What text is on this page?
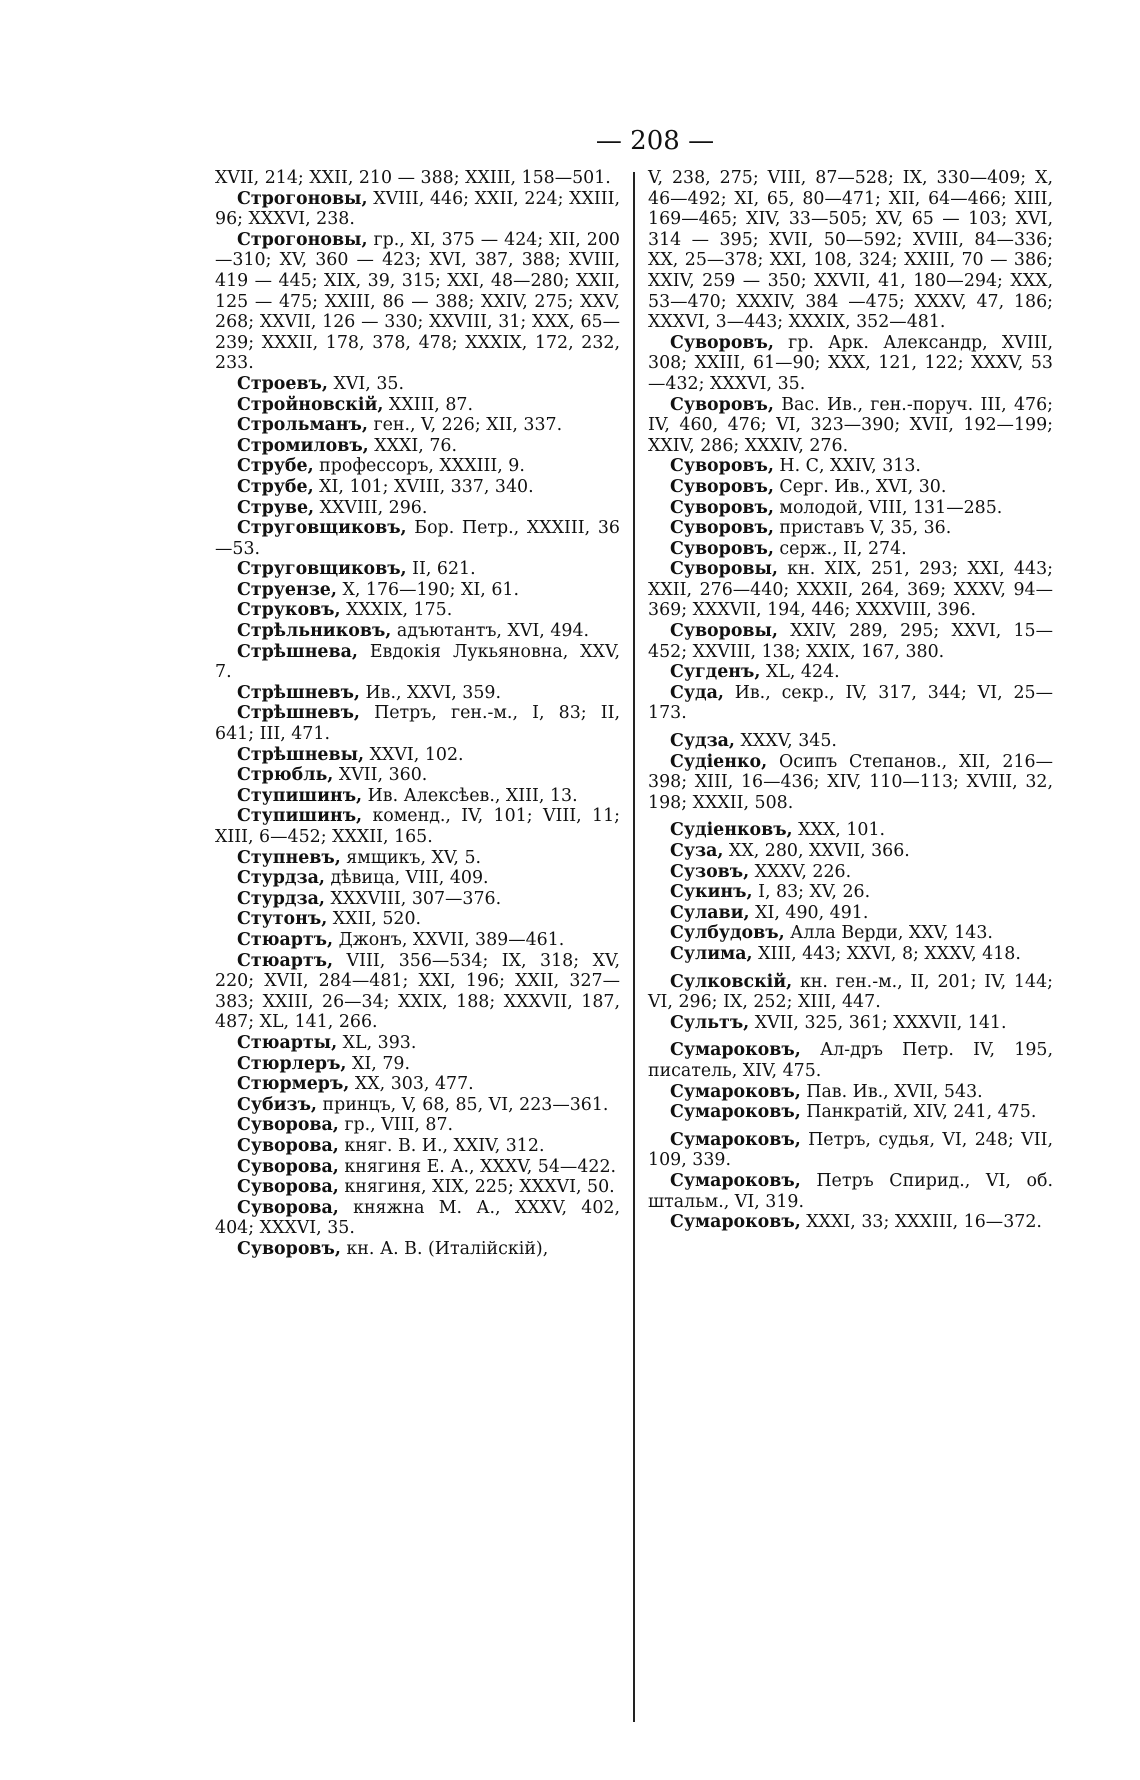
— 208 —

XVII, 214; XXII, 210 — 388; XXIII, 158—501.

Строгоновы, XVIII, 446; XXII, 224; XXIII, 96; XXXVI, 238.

Строгоновы, гр., XI, 375 — 424; XII, 200—310; XV, 360 — 423; XVI, 387, 388; XVIII, 419 — 445; XIX, 39, 315; XXI, 48—280; XXII, 125 — 475; XXIII, 86 — 388; XXIV, 275; XXV, 268; XXVII, 126 — 330; XXVIII, 31; XXX, 65—239; XXXII, 178, 378, 478; XXXIX, 172, 232, 233.

Строевъ, XVI, 35.

Стройновскій, XXIII, 87.

Строльманъ, ген., V, 226; XII, 337.

Стромиловъ, XXXI, 76.

Струбе, профессоръ, XXXIII, 9.

Струбе, XI, 101; XVIII, 337, 340.

Струве, XXVIII, 296.

Струговщиковъ, Бор. Петр., XXXIII, 36—53.

Струговщиковъ, II, 621.

Струензе, X, 176—190; XI, 61.

Струковъ, XXXIX, 175.

Стрѣльниковъ, адъютантъ, XVI, 494.

Стрѣшнева, Евдокія Лукьяновна, XXV, 7.

Стрѣшневъ, Ив., XXVI, 359.

Стрѣшневъ, Петръ, ген.-м., I, 83; II, 641; III, 471.

Стрѣшневы, XXVI, 102.

Стрюбль, XVII, 360.

Ступишинъ, Ив. Алексѣев., XIII, 13.

Ступишинъ, коменд., IV, 101; VIII, 11; XIII, 6—452; XXXII, 165.

Ступневъ, ямщикъ, XV, 5.

Стурдза, дѣвица, VIII, 409.

Стурдза, XXXVIII, 307—376.

Стутонъ, XXII, 520.

Стюартъ, Джонъ, XXVII, 389—461.

Стюартъ, VIII, 356—534; IX, 318; XV, 220; XVII, 284—481; XXI, 196; XXII, 327—383; XXIII, 26—34; XXIX, 188; XXXVII, 187, 487; XL, 141, 266.

Стюарты, XL, 393.

Стюрлеръ, XI, 79.

Стюрмеръ, XX, 303, 477.

Субизъ, принцъ, V, 68, 85, VI, 223—361.

Суворова, гр., VIII, 87.

Суворова, княг. В. И., XXIV, 312.

Суворова, княгиня Е. А., XXXV, 54—422.

Суворова, княгиня, XIX, 225; XXXVI, 50.

Суворова, княжна М. А., XXXV, 402, 404; XXXVI, 35.

Суворовъ, кн. А. В. (Италійскій),

V, 238, 275; VIII, 87—528; IX, 330—409; X, 46—492; XI, 65, 80—471; XII, 64—466; XIII, 169—465; XIV, 33—505; XV, 65 — 103; XVI, 314 — 395; XVII, 50—592; XVIII, 84—336; XX, 25—378; XXI, 108, 324; XXIII, 70 — 386; XXIV, 259 — 350; XXVII, 41, 180—294; XXX, 53—470; XXXIV, 384 —475; XXXV, 47, 186; XXXVI, 3—443; XXXIX, 352—481.

Суворовъ, гр. Арк. Александр, XVIII, 308; XXIII, 61—90; XXX, 121, 122; XXXV, 53—432; XXXVI, 35.

Суворовъ, Вас. Ив., ген.-поруч. III, 476; IV, 460, 476; VI, 323—390; XVII, 192—199; XXIV, 286; XXXIV, 276.

Суворовъ, Н. С, XXIV, 313.

Суворовъ, Серг. Ив., XVI, 30.

Суворовъ, молодой, VIII, 131—285.

Суворовъ, приставъ V, 35, 36.

Суворовъ, серж., II, 274.

Суворовы, кн. XIX, 251, 293; XXI, 443; XXII, 276—440; XXXII, 264, 369; XXXV, 94—369; XXXVII, 194, 446; XXXVIII, 396.

Суворовы, XXIV, 289, 295; XXVI, 15—452; XXVIII, 138; XXIX, 167, 380.

Сугденъ, XL, 424.

Суда, Ив., секр., IV, 317, 344; VI, 25—173.

Судза, XXXV, 345.

Судіенко, Осипъ Степанов., XII, 216—398; XIII, 16—436; XIV, 110—113; XVIII, 32, 198; XXXII, 508.

Судіенковъ, XXX, 101.

Суза, XX, 280, XXVII, 366.

Сузовъ, XXXV, 226.

Сукинъ, I, 83; XV, 26.

Сулави, XI, 490, 491.

Сулбудовъ, Алла Верди, XXV, 143.

Сулима, XIII, 443; XXVI, 8; XXXV, 418.

Сулковскій, кн. ген.-м., II, 201; IV, 144; VI, 296; IX, 252; XIII, 447.

Сультъ, XVII, 325, 361; XXXVII, 141.

Сумароковъ, Ал-дръ Петр. IV, 195, писатель, XIV, 475.

Сумароковъ, Пав. Ив., XVII, 543.

Сумароковъ, Панкратій, XIV, 241, 475.

Сумароковъ, Петръ, судья, VI, 248; VII, 109, 339.

Сумароковъ, Петръ Спирид., VI, об. штальм., VI, 319.

Сумароковъ, XXXI, 33; XXXIII, 16—372.
